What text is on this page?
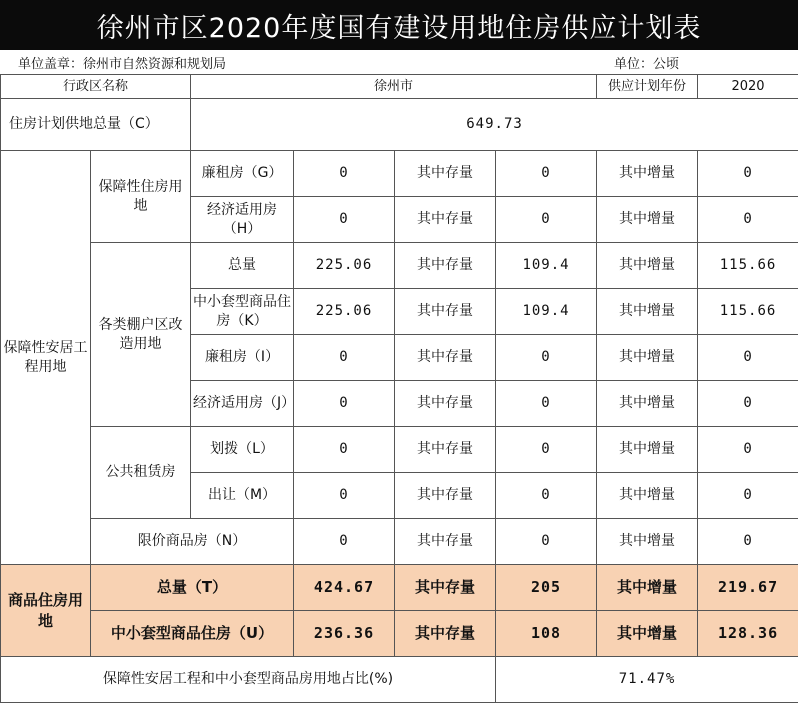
徐州市区2020年度国有建设用地住房供应计划表
单位盖章：徐州市自然资源和规划局	单位：公顷
行政区名称		徐州市				供应计划年份	2020
住房计划供地总量（C）		649.73					
保障性安居工程用地	保障性住房用地	廉租房（G）	0	其中存量	0	其中增量	0
		经济适用房（H）	0	其中存量	0	其中增量	0
	各类棚户区改造用地	总量	225.06	其中存量	109.4	其中增量	115.66
		中小套型商品住房（K）	225.06	其中存量	109.4	其中增量	115.66
		廉租房（I）	0	其中存量	0	其中增量	0
		经济适用房（J）	0	其中存量	0	其中增量	0
	公共租赁房	划拨（L）	0	其中存量	0	其中增量	0
		出让（M）	0	其中存量	0	其中增量	0
	限价商品房（N）		0	其中存量	0	其中增量	0
商品住房用地	总量（T）		424.67	其中存量	205	其中增量	219.67
	中小套型商品住房（U）		236.36	其中存量	108	其中增量	128.36
保障性安居工程和中小套型商品房用地占比(%)					71.47%		
